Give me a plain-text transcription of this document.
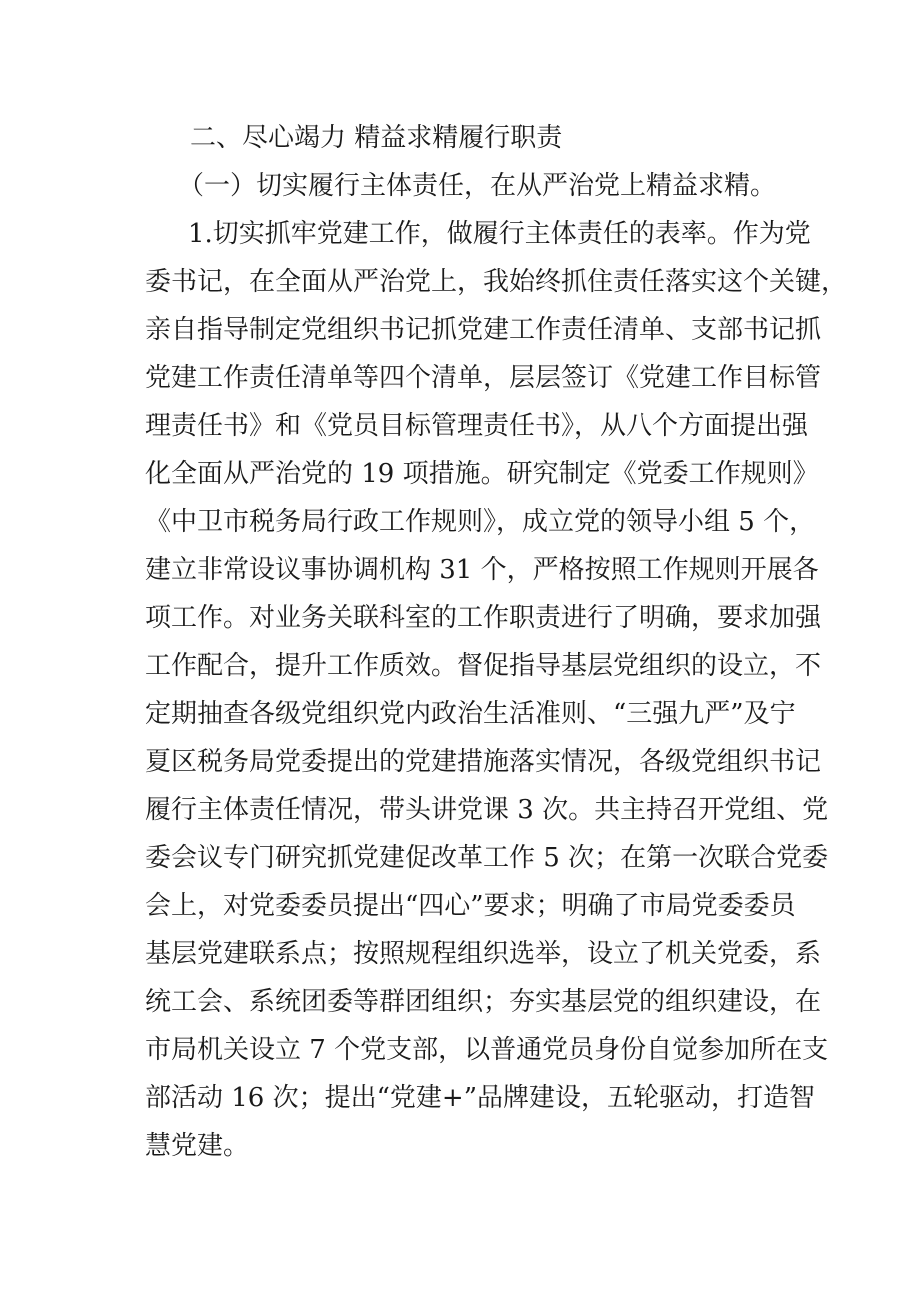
二、尽心竭力 精益求精履行职责

（一）切实履行主体责任，在从严治党上精益求精。

1.切实抓牢党建工作，做履行主体责任的表率。作为党

委书记，在全面从严治党上，我始终抓住责任落实这个关键，

亲自指导制定党组织书记抓党建工作责任清单、支部书记抓

党建工作责任清单等四个清单，层层签订《党建工作目标管

理责任书》和《党员目标管理责任书》，从八个方面提出强

化全面从严治党的 19 项措施。研究制定《党委工作规则》

《中卫市税务局行政工作规则》，成立党的领导小组 5 个，

建立非常设议事协调机构 31 个，严格按照工作规则开展各

项工作。对业务关联科室的工作职责进行了明确，要求加强

工作配合，提升工作质效。督促指导基层党组织的设立，不

定期抽查各级党组织党内政治生活准则、“三强九严”及宁

夏区税务局党委提出的党建措施落实情况，各级党组织书记

履行主体责任情况，带头讲党课 3 次。共主持召开党组、党

委会议专门研究抓党建促改革工作 5 次；在第一次联合党委

会上，对党委委员提出“四心”要求；明确了市局党委委员

基层党建联系点；按照规程组织选举，设立了机关党委，系

统工会、系统团委等群团组织；夯实基层党的组织建设，在

市局机关设立 7 个党支部，以普通党员身份自觉参加所在支

部活动 16 次；提出“党建+”品牌建设，五轮驱动，打造智

慧党建。
